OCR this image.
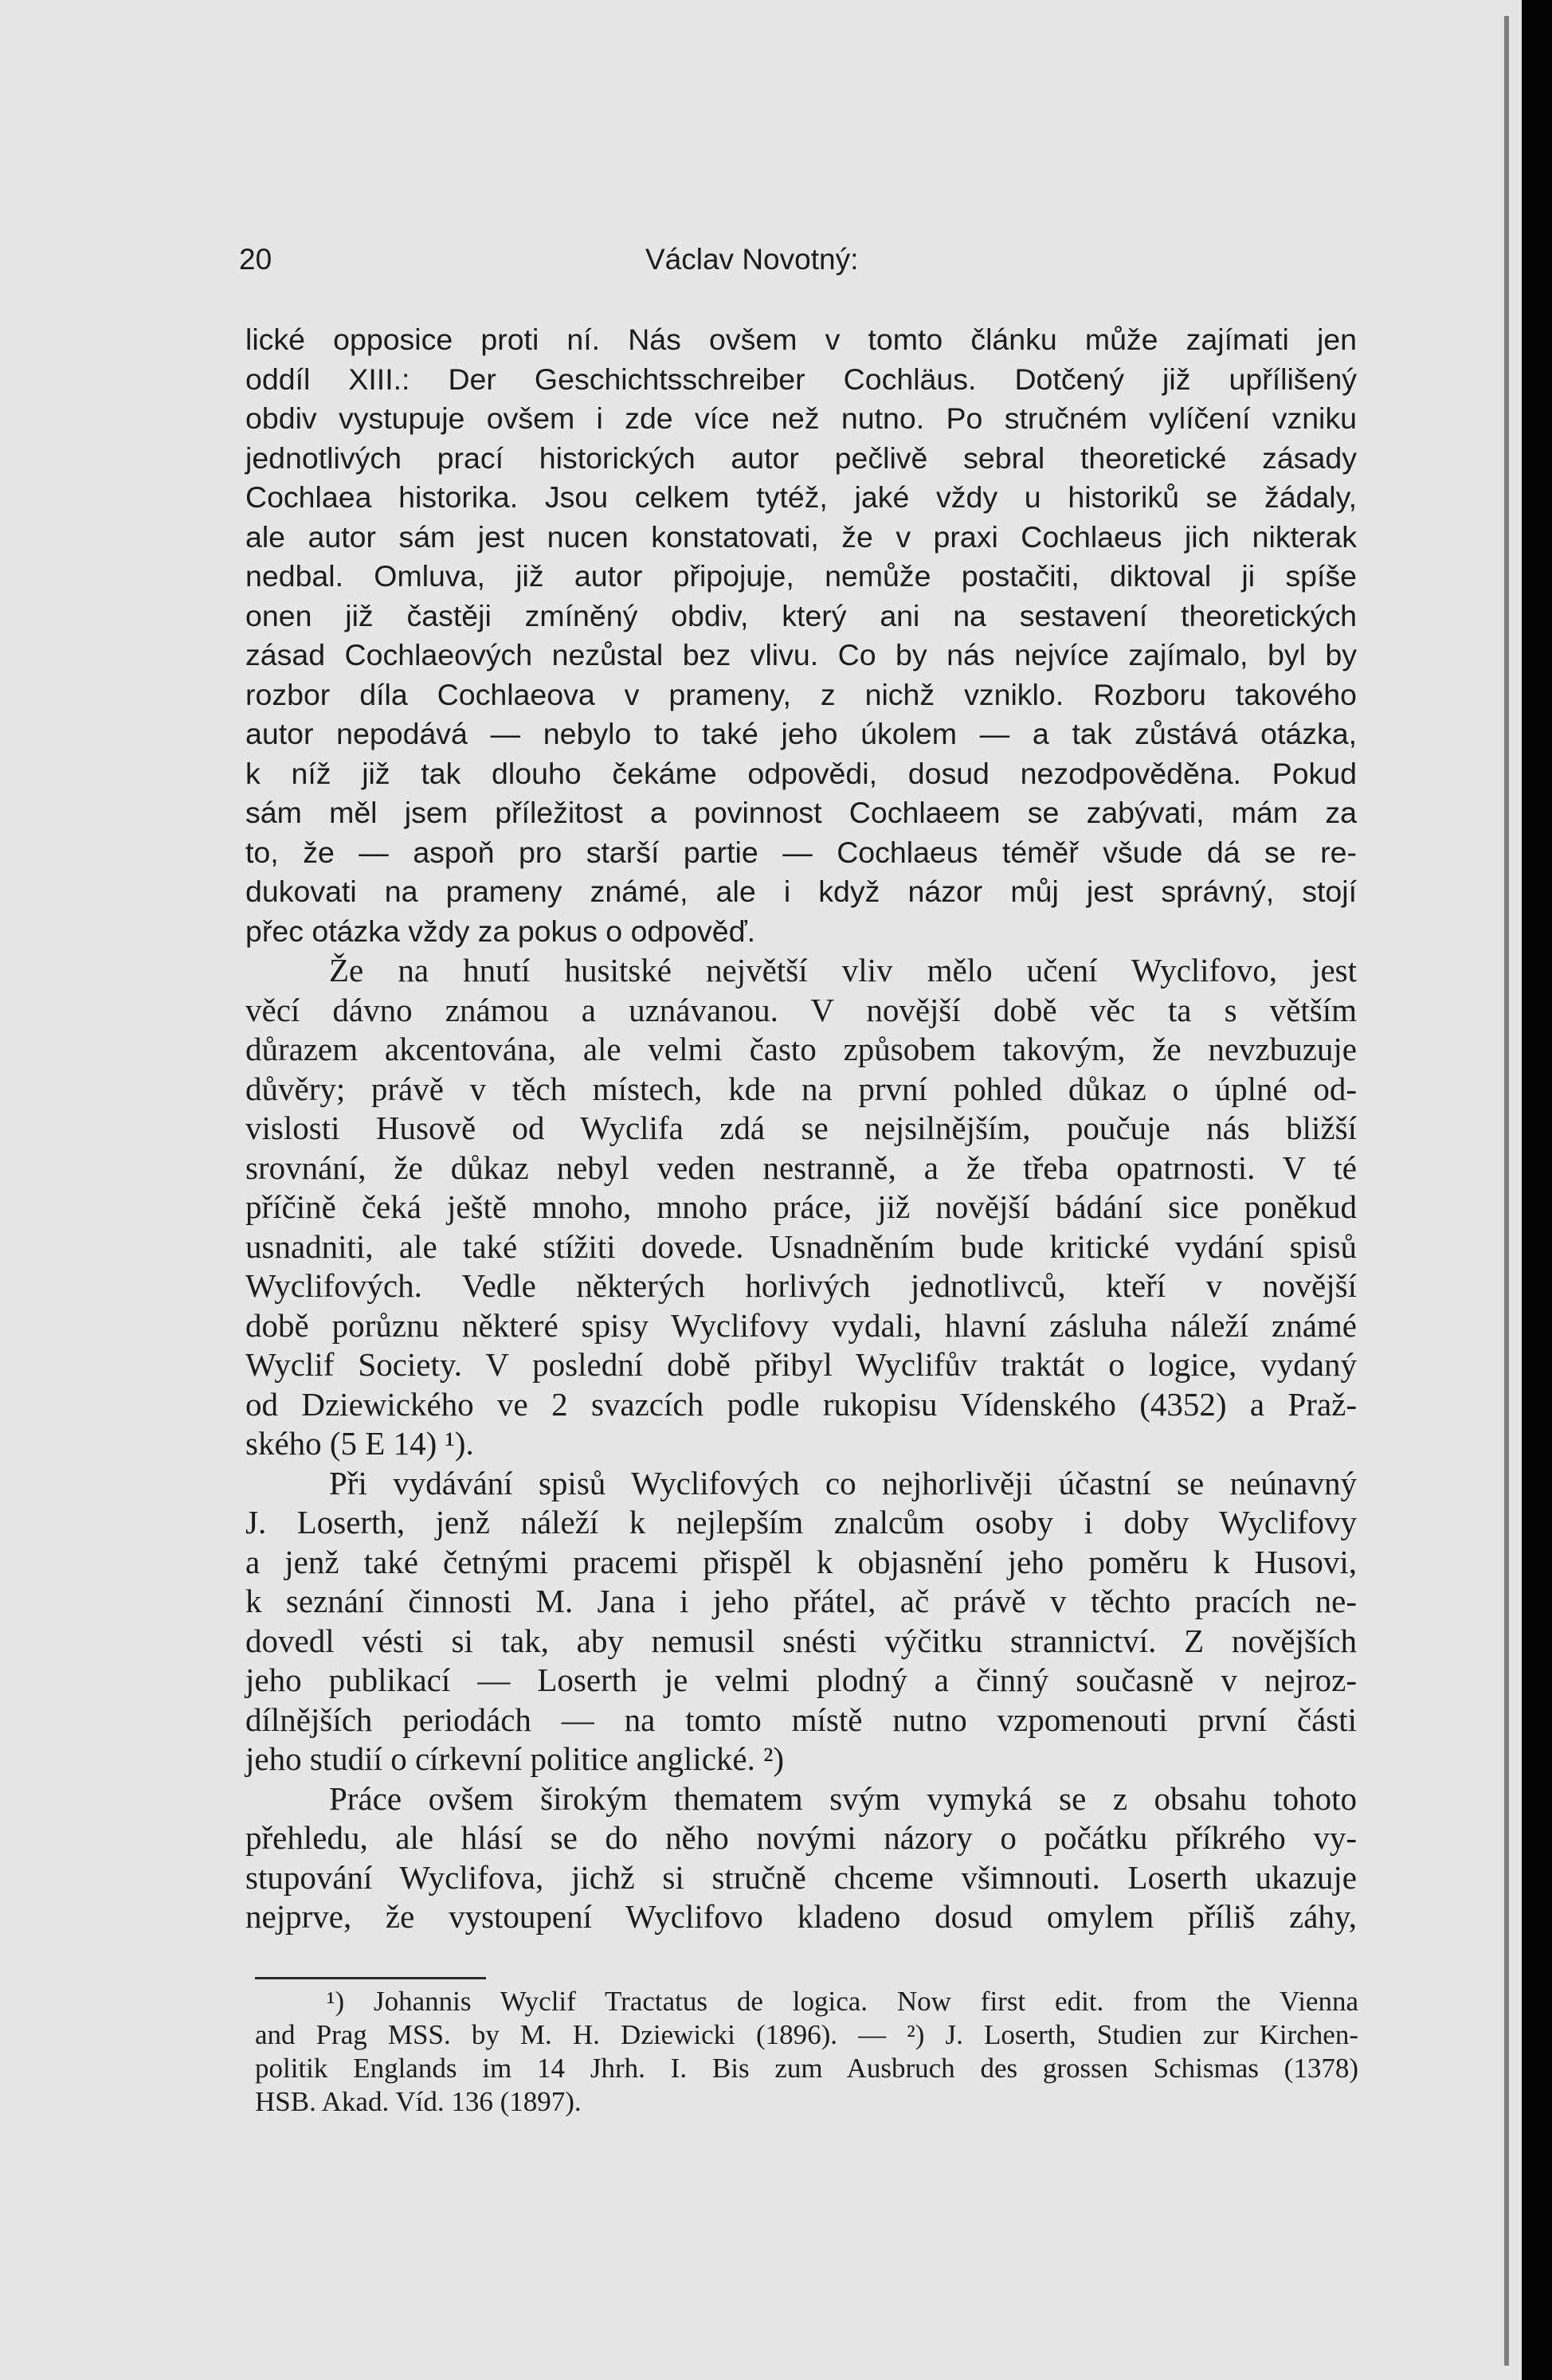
20	Václav Novotný:
lické opposice proti ní. Nás ovšem v tomto článku může zajímati jen
oddíl XIII.: Der Geschichtsschreiber Cochläus. Dotčený již upřílišený
obdiv vystupuje ovšem i zde více než nutno. Po stručném vylíčení vzniku
jednotlivých prací historických autor pečlivě sebral theoretické zásady
Cochlaea historika. Jsou celkem tytéž, jaké vždy u historiků se žádaly,
ale autor sám jest nucen konstatovati, že v praxi Cochlaeus jich nikterak
nedbal. Omluva, již autor připojuje, nemůže postačiti, diktoval ji spíše
onen již častěji zmíněný obdiv, který ani na sestavení theoretických
zásad Cochlaeových nezůstal bez vlivu. Co by nás nejvíce zajímalo, byl by
rozbor díla Cochlaeova v prameny, z nichž vzniklo. Rozboru takového
autor nepodává — nebylo to také jeho úkolem — a tak zůstává otázka,
k níž již tak dlouho čekáme odpovědi, dosud nezodpověděna. Pokud
sám měl jsem příležitost a povinnost Cochlaeem se zabývati, mám za
to, že — aspoň pro starší partie — Cochlaeus téměř všude dá se re-
dukovati na prameny známé, ale i když názor můj jest správný, stojí
přec otázka vždy za pokus o odpověď.
Že na hnutí husitské největší vliv mělo učení Wyclifovo, jest
věcí dávno známou a uznávanou. V novější době věc ta s větším
důrazem akcentována, ale velmi často způsobem takovým, že nevzbuzuje
důvěry; právě v těch místech, kde na první pohled důkaz o úplné od-
vislosti Husově od Wyclifa zdá se nejsilnějším, poučuje nás bližší
srovnání, že důkaz nebyl veden nestranně, a že třeba opatrnosti. V té
příčině čeká ještě mnoho, mnoho práce, již novější bádání sice poněkud
usnadniti, ale také stížiti dovede. Usnadněním bude kritické vydání spisů
Wyclifových. Vedle některých horlivých jednotlivců, kteří v novější
době porůznu některé spisy Wyclifovy vydali, hlavní zásluha náleží známé
Wyclif Society. V poslední době přibyl Wyclifův traktát o logice, vydaný
od Dziewického ve 2 svazcích podle rukopisu Vídenského (4352) a Praž-
ského (5 E 14) ¹).
Při vydávání spisů Wyclifových co nejhorlivěji účastní se neúnavný
J. Loserth, jenž náleží k nejlepším znalcům osoby i doby Wyclifovy
a jenž také četnými pracemi přispěl k objasnění jeho poměru k Husovi,
k seznání činnosti M. Jana i jeho přátel, ač právě v těchto pracích ne-
dovedl vésti si tak, aby nemusil snésti výčitku strannictví. Z novějších
jeho publikací — Loserth je velmi plodný a činný současně v nejroz-
dílnějších periodách — na tomto místě nutno vzpomenouti první části
jeho studií o církevní politice anglické. ²)
Práce ovšem širokým thematem svým vymyká se z obsahu tohoto
přehledu, ale hlásí se do něho novými názory o počátku příkrého vy-
stupování Wyclifova, jichž si stručně chceme všimnouti. Loserth ukazuje
nejprve, že vystoupení Wyclifovo kladeno dosud omylem příliš záhy,
¹) Johannis Wyclif Tractatus de logica. Now first edit. from the Vienna
and Prag MSS. by M. H. Dziewicki (1896). — ²) J. Loserth, Studien zur Kirchen-
politik Englands im 14 Jhrh. I. Bis zum Ausbruch des grossen Schismas (1378)
HSB. Akad. Víd. 136 (1897).
